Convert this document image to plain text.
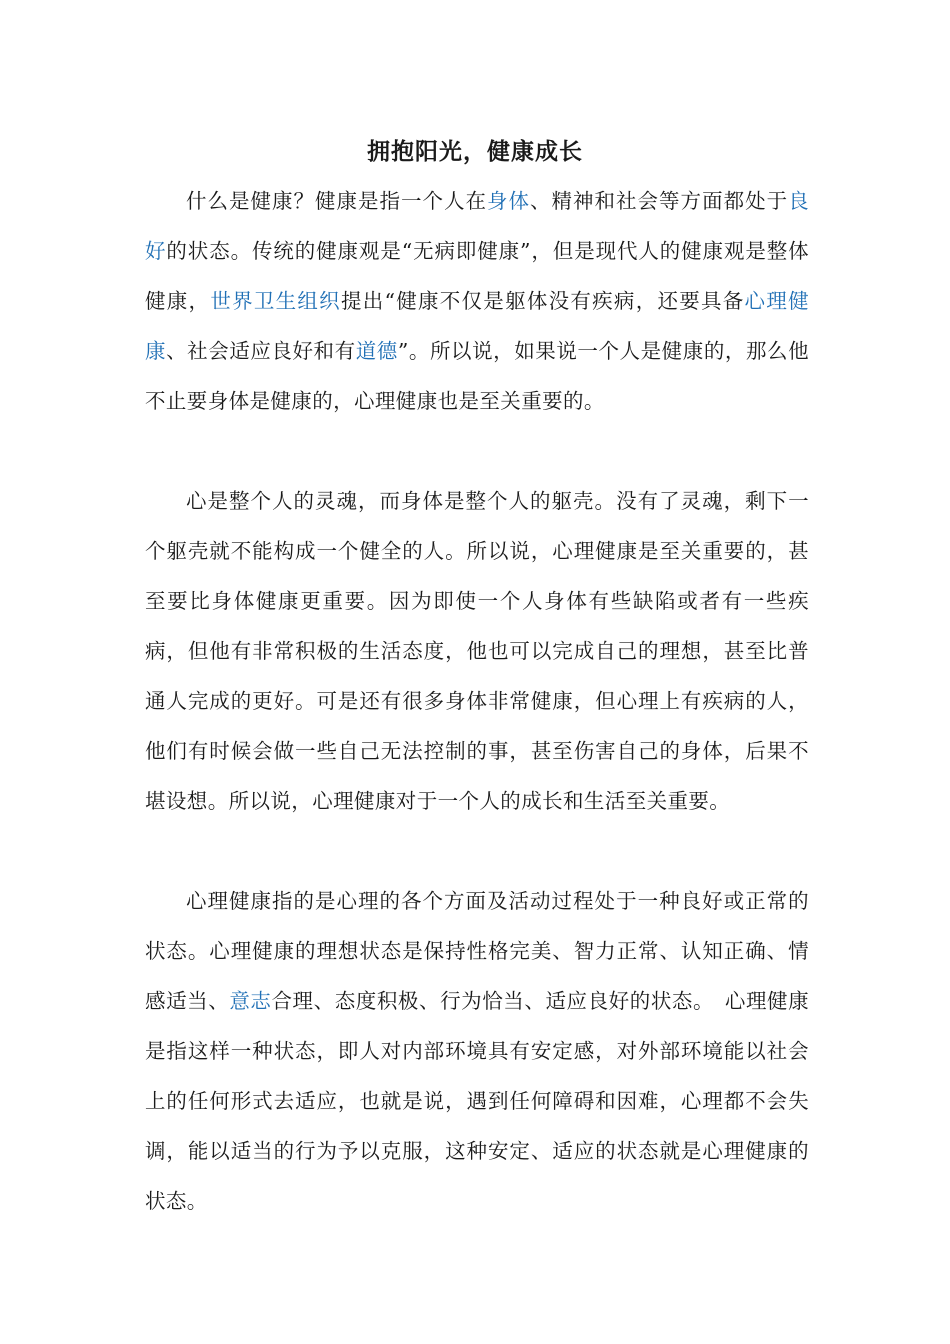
拥抱阳光，健康成长

什么是健康？健康是指一个人在身体、精神和社会等方面都处于良好的状态。传统的健康观是“无病即健康”，但是现代人的健康观是整体健康，世界卫生组织提出“健康不仅是躯体没有疾病，还要具备心理健康、社会适应良好和有道德”。所以说，如果说一个人是健康的，那么他不止要身体是健康的，心理健康也是至关重要的。

心是整个人的灵魂，而身体是整个人的躯壳。没有了灵魂，剩下一个躯壳就不能构成一个健全的人。所以说，心理健康是至关重要的，甚至要比身体健康更重要。因为即使一个人身体有些缺陷或者有一些疾病，但他有非常积极的生活态度，他也可以完成自己的理想，甚至比普通人完成的更好。可是还有很多身体非常健康，但心理上有疾病的人，他们有时候会做一些自己无法控制的事，甚至伤害自己的身体，后果不堪设想。所以说，心理健康对于一个人的成长和生活至关重要。

心理健康指的是心理的各个方面及活动过程处于一种良好或正常的状态。心理健康的理想状态是保持性格完美、智力正常、认知正确、情感适当、意志合理、态度积极、行为恰当、适应良好的状态。　心理健康是指这样一种状态，即人对内部环境具有安定感，对外部环境能以社会上的任何形式去适应，也就是说，遇到任何障碍和因难，心理都不会失调，能以适当的行为予以克服，这种安定、适应的状态就是心理健康的状态。
